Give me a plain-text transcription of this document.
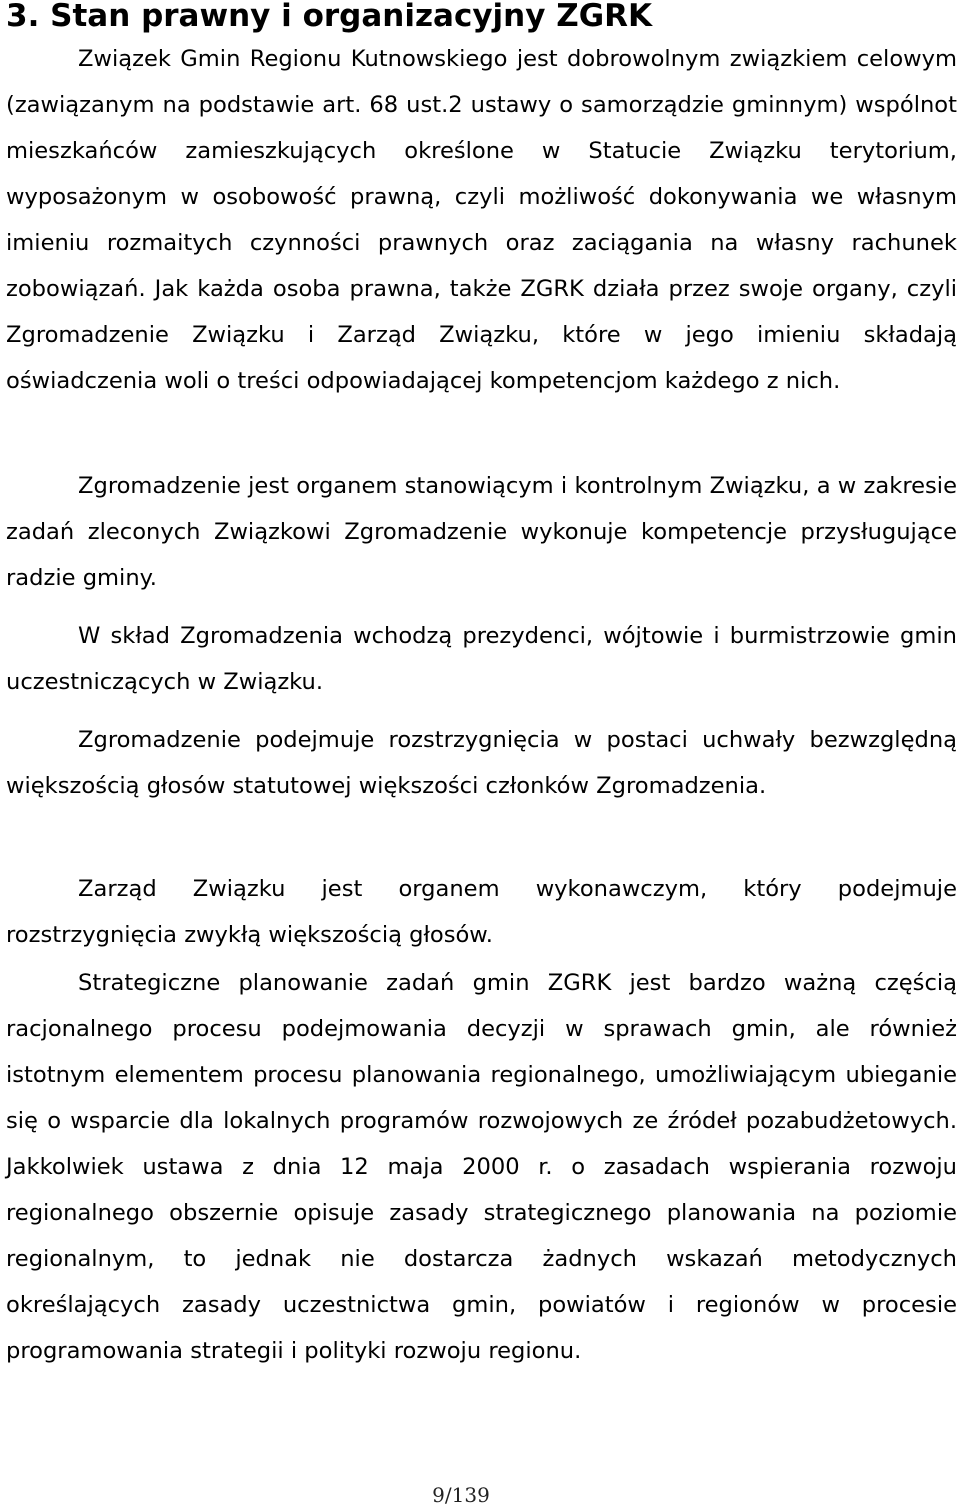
3. Stan prawny i organizacyjny ZGRK

Związek Gmin Regionu Kutnowskiego jest dobrowolnym związkiem celowym (zawiązanym na podstawie art. 68 ust.2 ustawy o samorządzie gminnym) wspólnot mieszkańców zamieszkujących określone w Statucie Związku terytorium, wyposażonym w osobowość prawną, czyli możliwość dokonywania we własnym imieniu rozmaitych czynności prawnych oraz zaciągania na własny rachunek zobowiązań. Jak każda osoba prawna, także ZGRK działa przez swoje organy, czyli Zgromadzenie Związku i Zarząd Związku, które w jego imieniu składają oświadczenia woli o treści odpowiadającej kompetencjom każdego z nich.

Zgromadzenie jest organem stanowiącym i kontrolnym Związku, a w zakresie zadań zleconych Związkowi Zgromadzenie wykonuje kompetencje przysługujące radzie gminy.

W skład Zgromadzenia wchodzą prezydenci, wójtowie i burmistrzowie gmin uczestniczących w Związku.

Zgromadzenie podejmuje rozstrzygnięcia w postaci uchwały bezwzględną większością głosów statutowej większości członków Zgromadzenia.

Zarząd Związku jest organem wykonawczym, który podejmuje rozstrzygnięcia zwykłą większością głosów.

Strategiczne planowanie zadań gmin ZGRK jest bardzo ważną częścią racjonalnego procesu podejmowania decyzji w sprawach gmin, ale również istotnym elementem procesu planowania regionalnego, umożliwiającym ubieganie się o wsparcie dla lokalnych programów rozwojowych ze źródeł pozabudżetowych. Jakkolwiek ustawa z dnia 12 maja 2000 r. o zasadach wspierania rozwoju regionalnego obszernie opisuje zasady strategicznego planowania na poziomie regionalnym, to jednak nie dostarcza żadnych wskazań metodycznych określających zasady uczestnictwa gmin, powiatów i regionów w procesie programowania strategii i polityki rozwoju regionu.

9/139
